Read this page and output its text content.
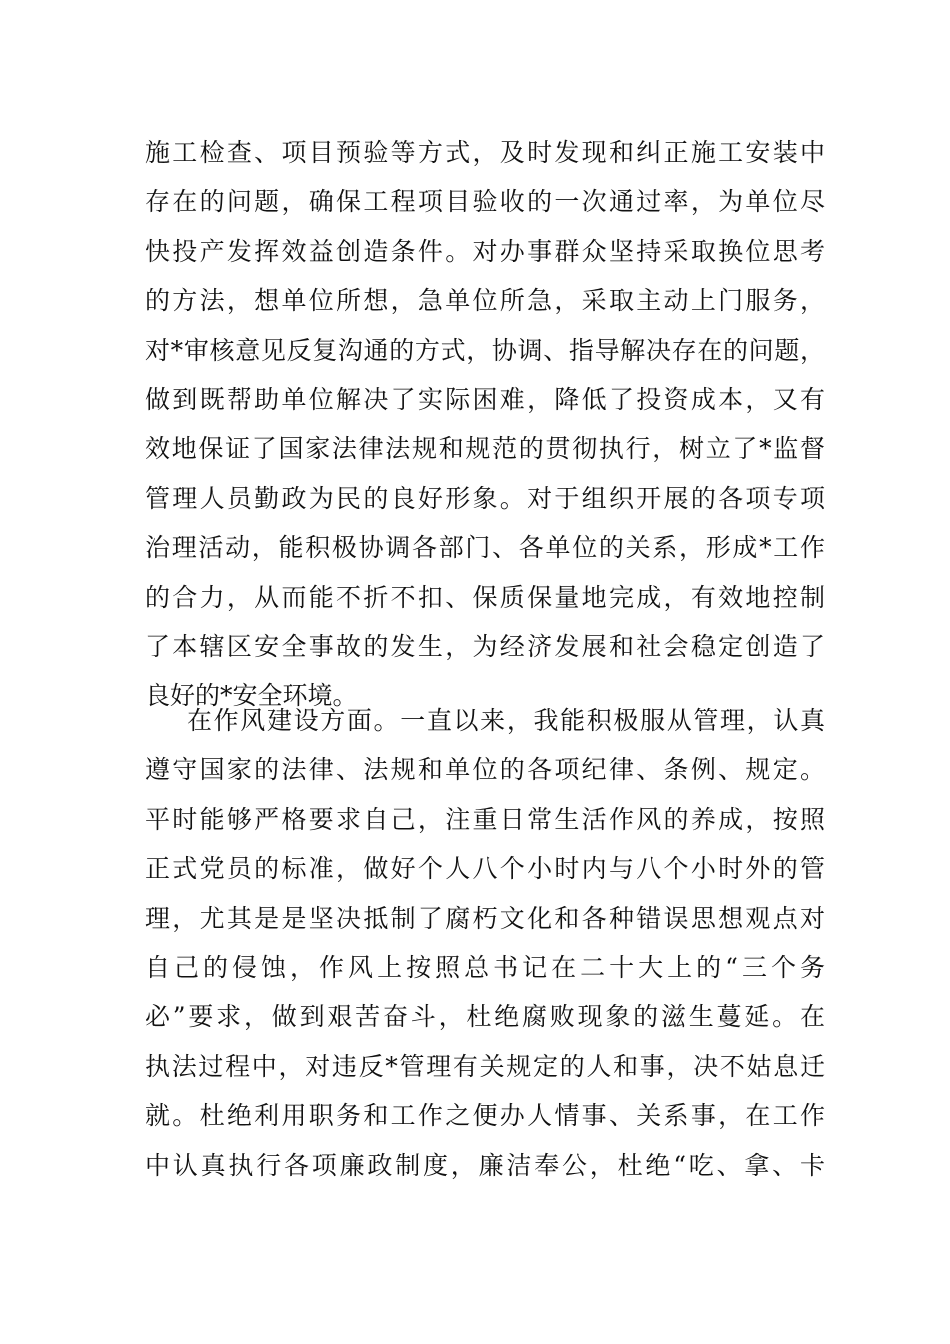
施工检查、项目预验等方式，及时发现和纠正施工安装中
存在的问题，确保工程项目验收的一次通过率，为单位尽
快投产发挥效益创造条件。对办事群众坚持采取换位思考
的方法，想单位所想，急单位所急，采取主动上门服务，
对*审核意见反复沟通的方式，协调、指导解决存在的问题，
做到既帮助单位解决了实际困难，降低了投资成本，又有
效地保证了国家法律法规和规范的贯彻执行，树立了*监督
管理人员勤政为民的良好形象。对于组织开展的各项专项
治理活动，能积极协调各部门、各单位的关系，形成*工作
的合力，从而能不折不扣、保质保量地完成，有效地控制
了本辖区安全事故的发生，为经济发展和社会稳定创造了
良好的*安全环境。
在作风建设方面。一直以来，我能积极服从管理，认真
遵守国家的法律、法规和单位的各项纪律、条例、规定。
平时能够严格要求自己，注重日常生活作风的养成，按照
正式党员的标准，做好个人八个小时内与八个小时外的管
理，尤其是是坚决抵制了腐朽文化和各种错误思想观点对
自己的侵蚀，作风上按照总书记在二十大上的“三个务
必”要求，做到艰苦奋斗，杜绝腐败现象的滋生蔓延。在
执法过程中，对违反*管理有关规定的人和事，决不姑息迁
就。杜绝利用职务和工作之便办人情事、关系事，在工作
中认真执行各项廉政制度，廉洁奉公，杜绝“吃、拿、卡
